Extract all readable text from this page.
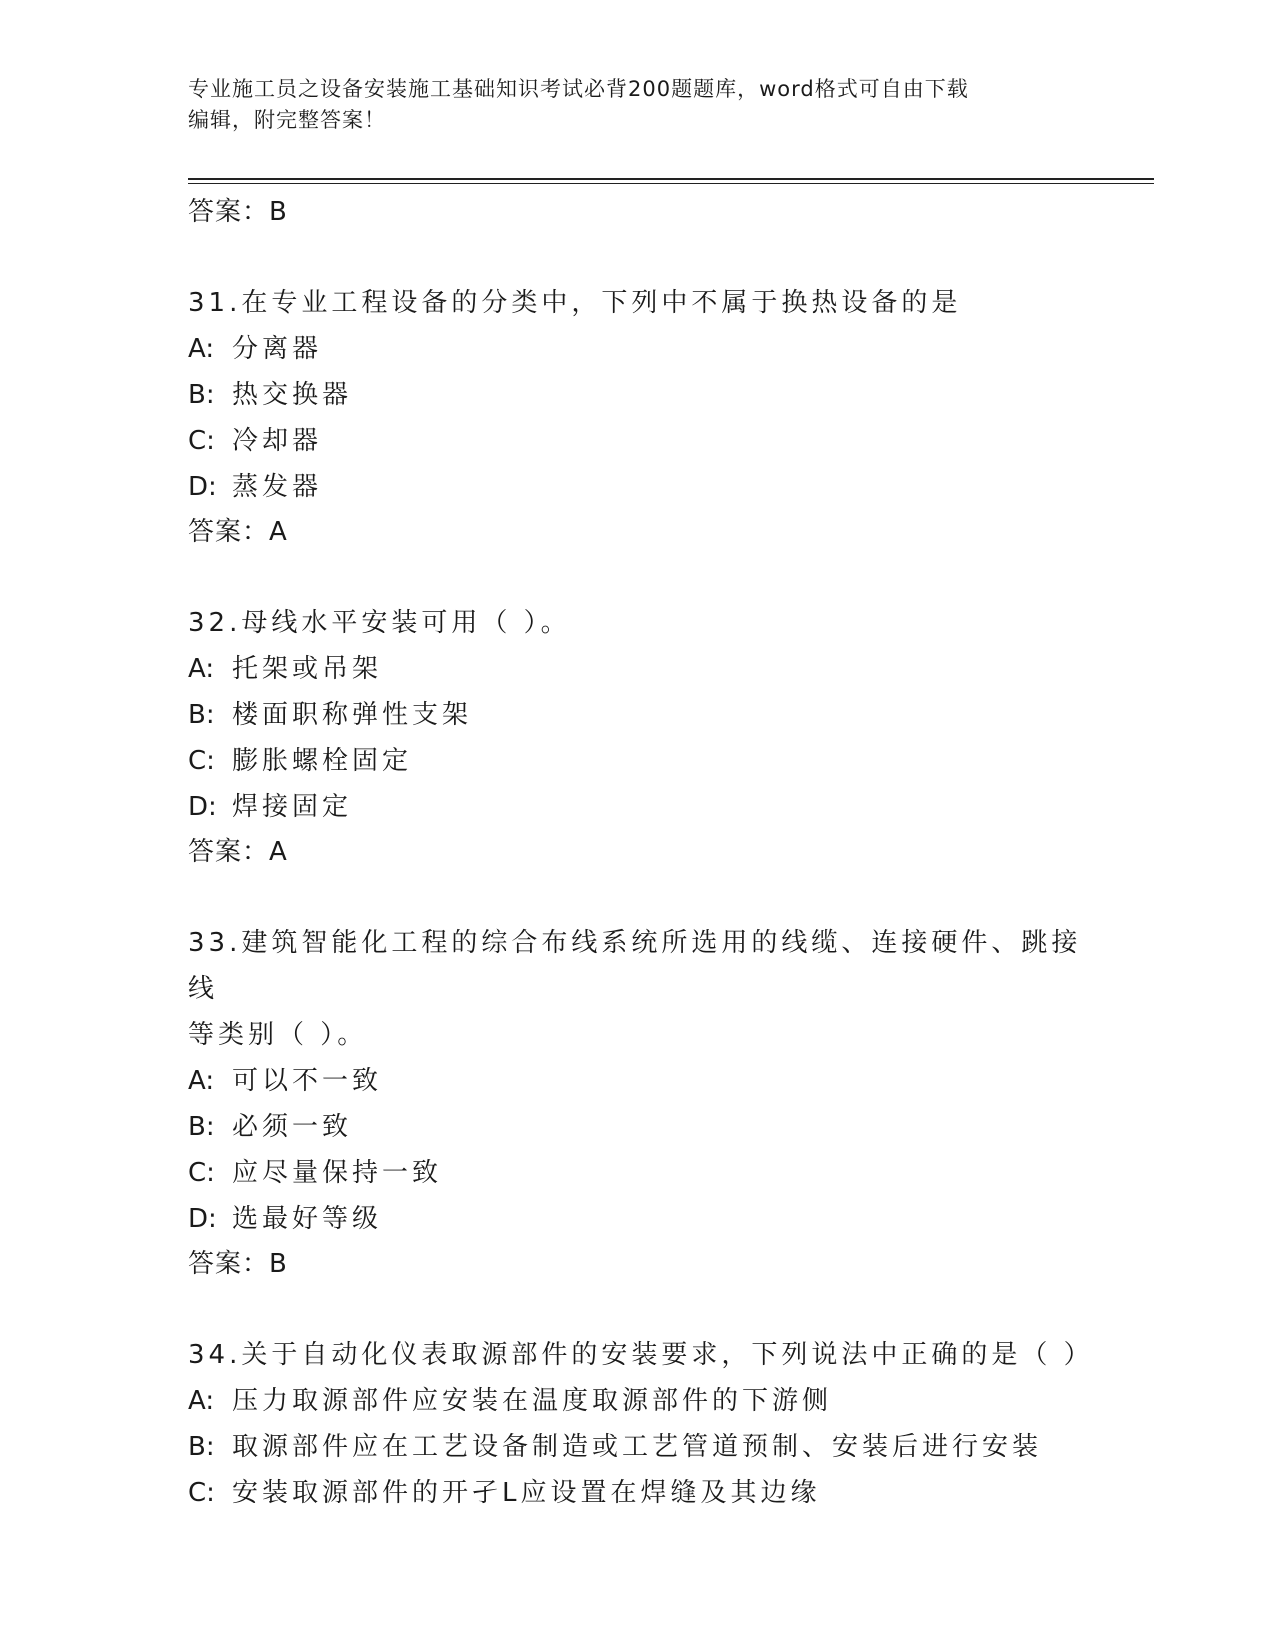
专业施工员之设备安装施工基础知识考试必背200题题库，word格式可自由下载
编辑，附完整答案！
答案：B
31.在专业工程设备的分类中，下列中不属于换热设备的是
A: 分离器
B: 热交换器
C: 冷却器
D: 蒸发器
答案：A
32.母线水平安装可用（ ）。
A: 托架或吊架
B: 楼面职称弹性支架
C: 膨胀螺栓固定
D: 焊接固定
答案：A
33.建筑智能化工程的综合布线系统所选用的线缆、连接硬件、跳接线
等类别（ ）。
A: 可以不一致
B: 必须一致
C: 应尽量保持一致
D: 选最好等级
答案：B
34.关于自动化仪表取源部件的安装要求，下列说法中正确的是（ ）
A: 压力取源部件应安装在温度取源部件的下游侧
B: 取源部件应在工艺设备制造或工艺管道预制、安装后进行安装
C: 安装取源部件的开孑L应设置在焊缝及其边缘
